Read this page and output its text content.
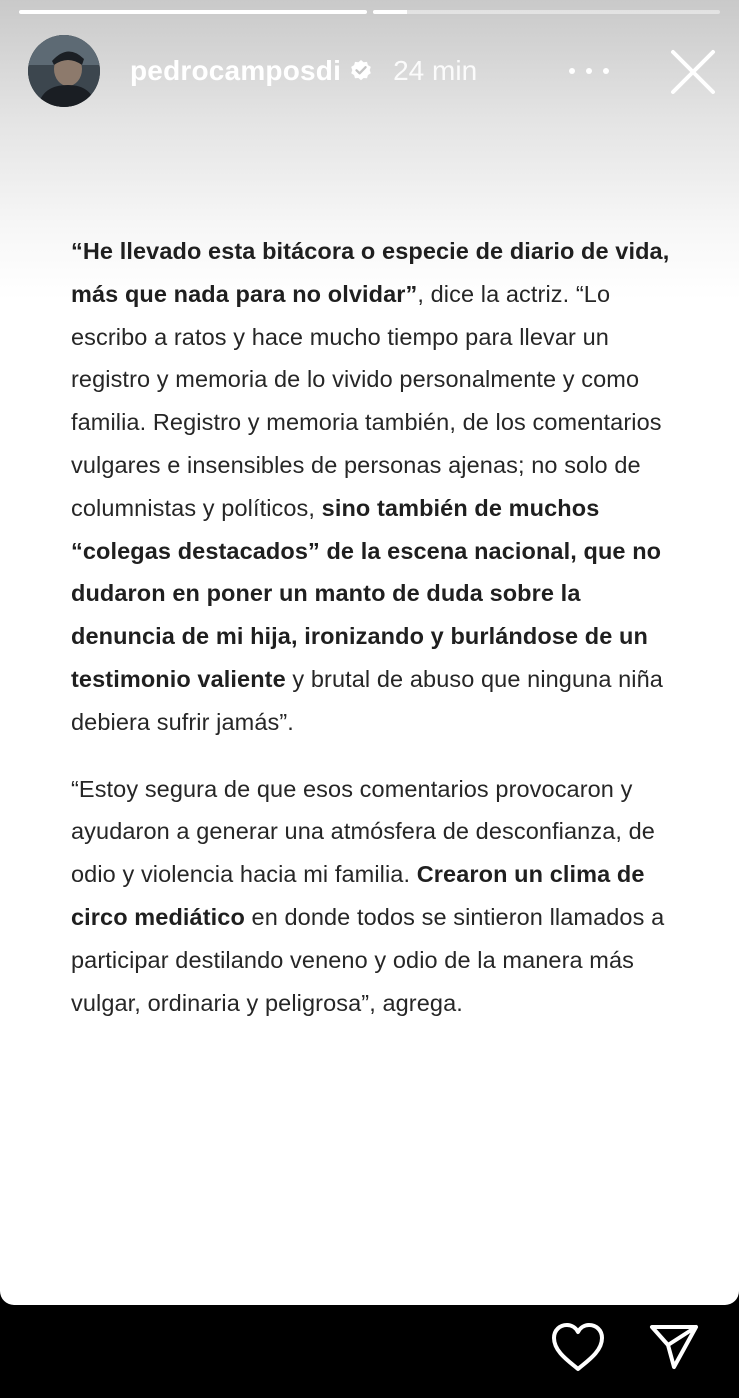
pedrocamposdi 24 min

“He llevado esta bitácora o especie de diario de vida, más que nada para no olvidar”, dice la actriz. “Lo escribo a ratos y hace mucho tiempo para llevar un registro y memoria de lo vivido personalmente y como familia. Registro y memoria también, de los comentarios vulgares e insensibles de personas ajenas; no solo de columnistas y políticos, sino también de muchos “colegas destacados” de la escena nacional, que no dudaron en poner un manto de duda sobre la denuncia de mi hija, ironizando y burlándose de un testimonio valiente y brutal de abuso que ninguna niña debiera sufrir jamás”.

“Estoy segura de que esos comentarios provocaron y ayudaron a generar una atmósfera de desconfianza, de odio y violencia hacia mi familia. Crearon un clima de circo mediático en donde todos se sintieron llamados a participar destilando veneno y odio de la manera más vulgar, ordinaria y peligrosa”, agrega.
